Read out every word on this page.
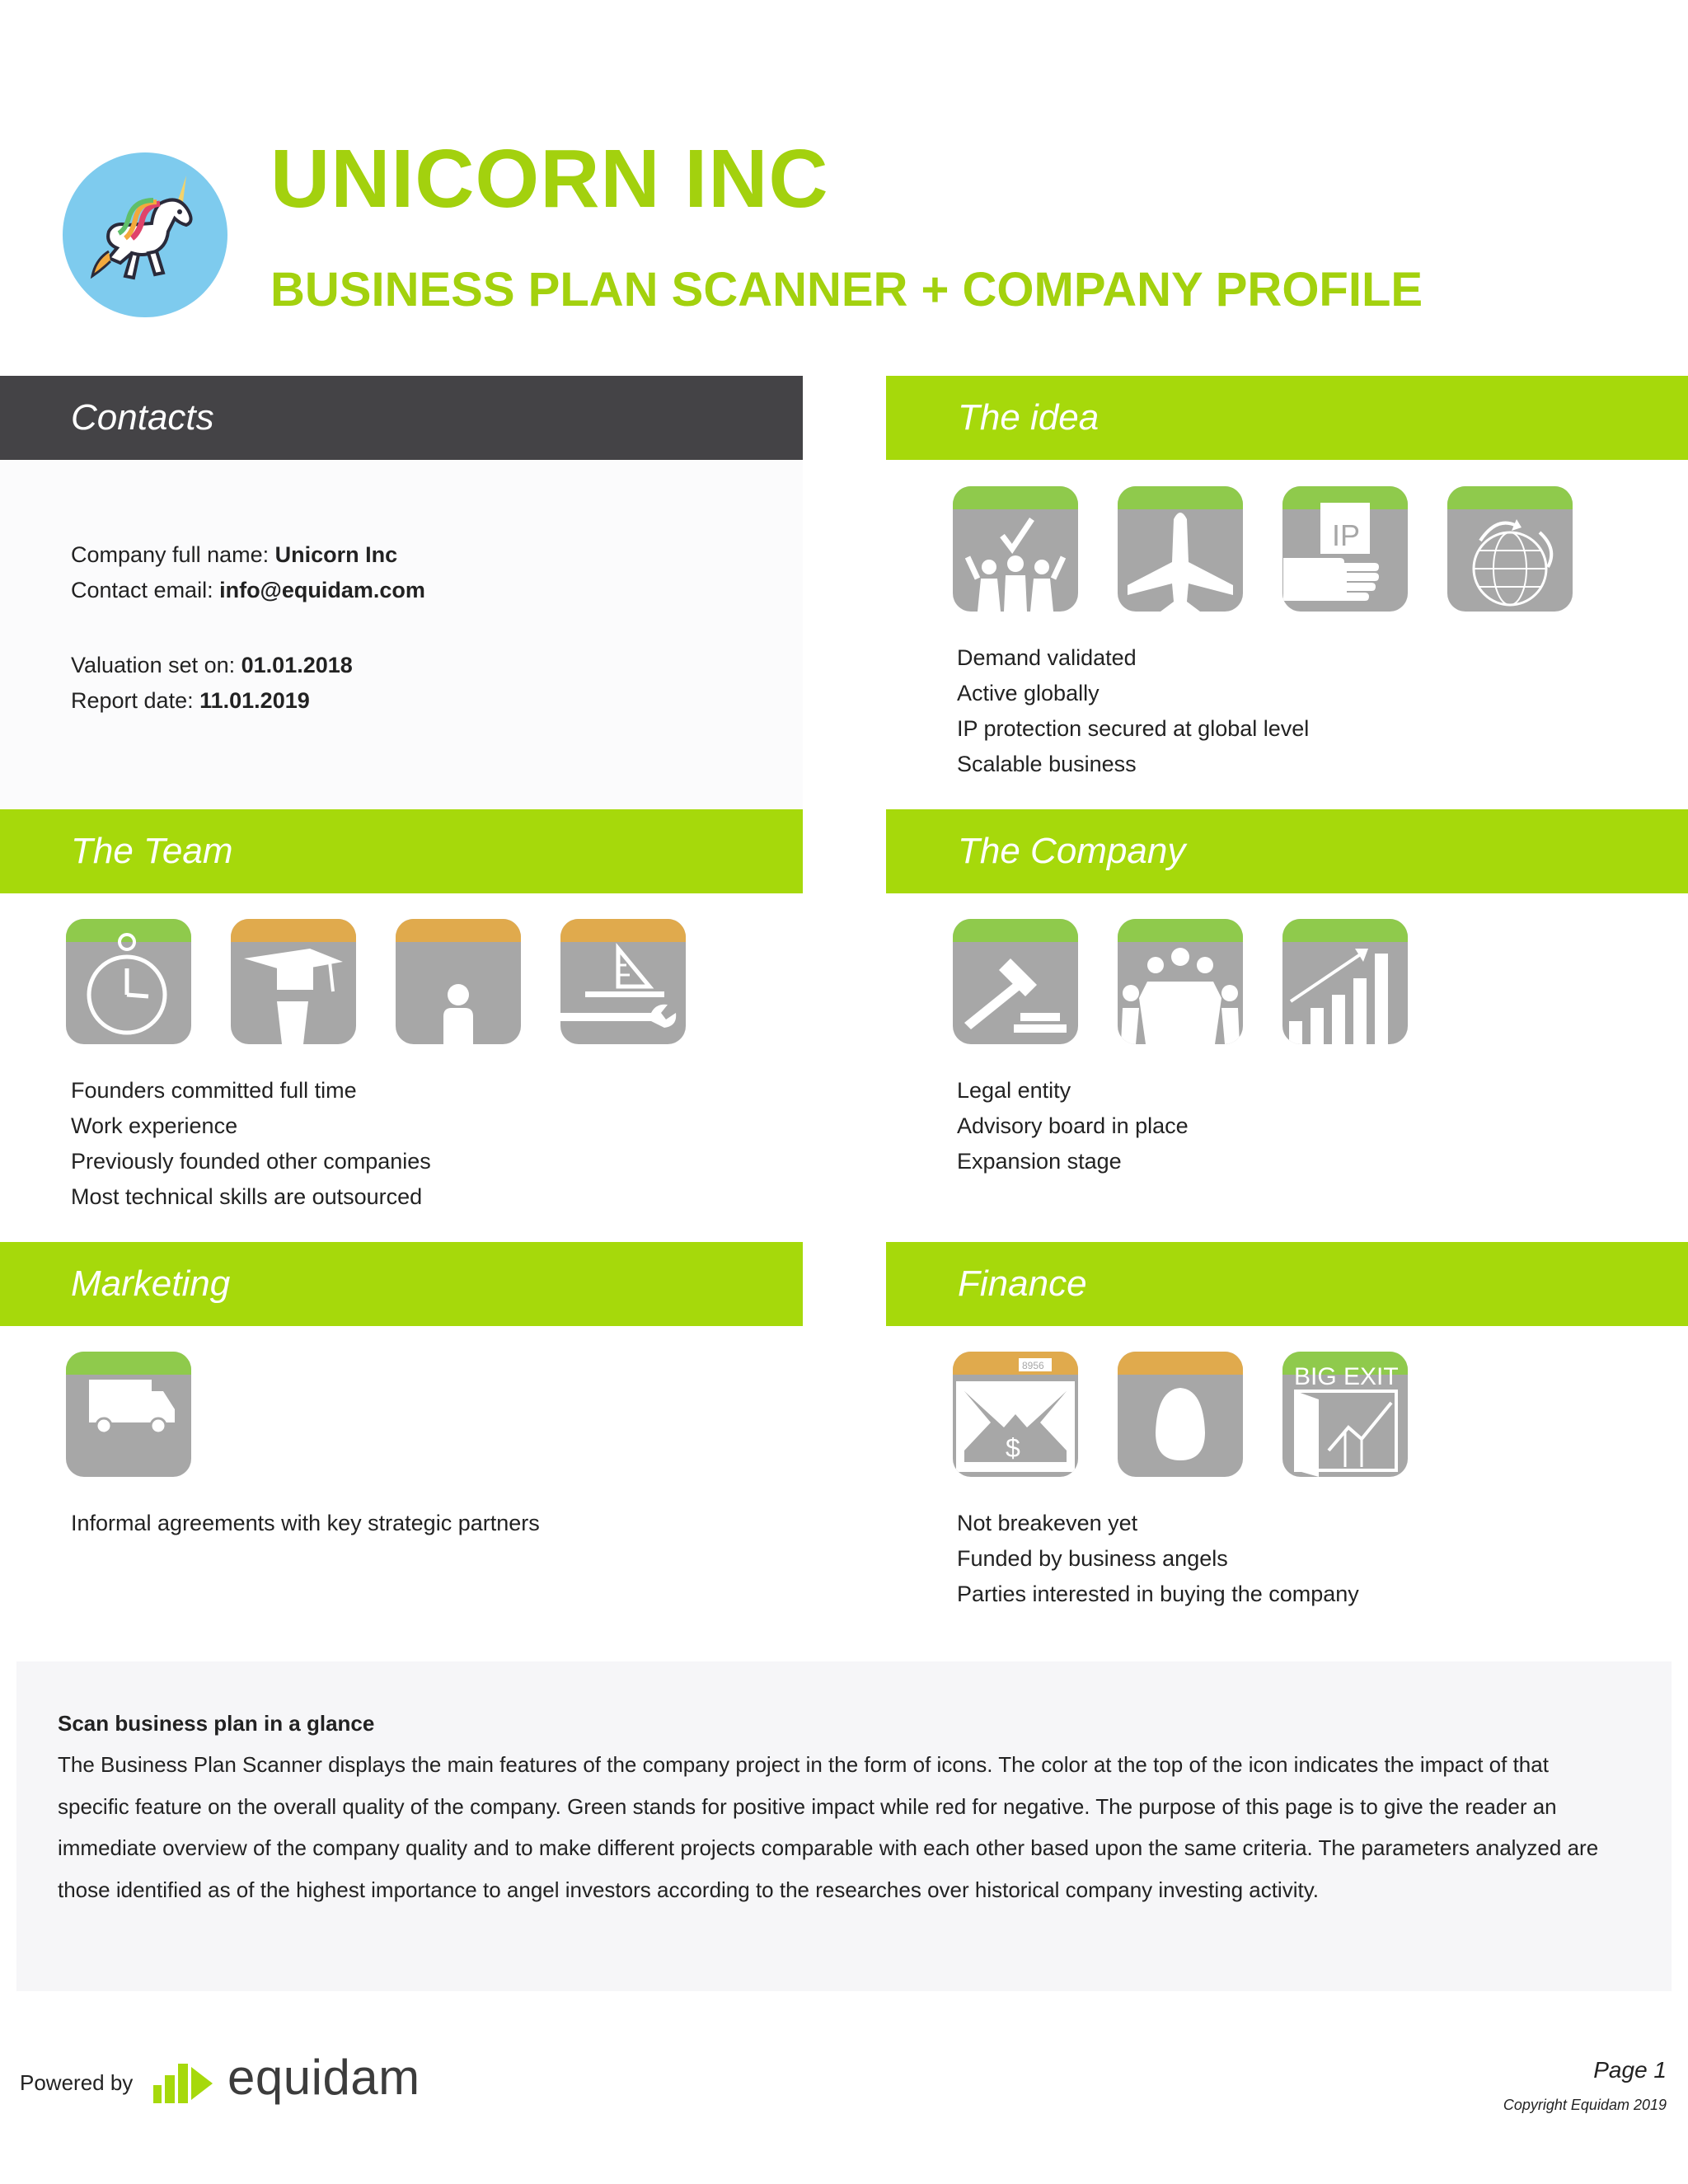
UNICORN INC
BUSINESS PLAN SCANNER + COMPANY PROFILE
Contacts	The idea
The Team	The Company
Marketing	Finance
Company full name: Unicorn Inc
Contact email: info@equidam.com
Valuation set on: 01.01.2018
Report date: 11.01.2019
IP
Demand validated
Active globally
IP protection secured at global level
Scalable business
Founders committed full time
Work experience
Previously founded other companies
Most technical skills are outsourced
Legal entity
Advisory board in place
Expansion stage
Informal agreements with key strategic partners
8956
$
BIG EXIT
Not breakeven yet
Funded by business angels
Parties interested in buying the company
Scan business plan in a glance
The Business Plan Scanner displays the main features of the company project in the form of icons. The color at the top of the icon indicates the impact of that specific feature on the overall quality of the company. Green stands for positive impact while red for negative. The purpose of this page is to give the reader an immediate overview of the company quality and to make different projects comparable with each other based upon the same criteria. The parameters analyzed are those identified as of the highest importance to angel investors according to the researches over historical company investing activity.
Powered by equidam	Page 1
Copyright Equidam 2019
